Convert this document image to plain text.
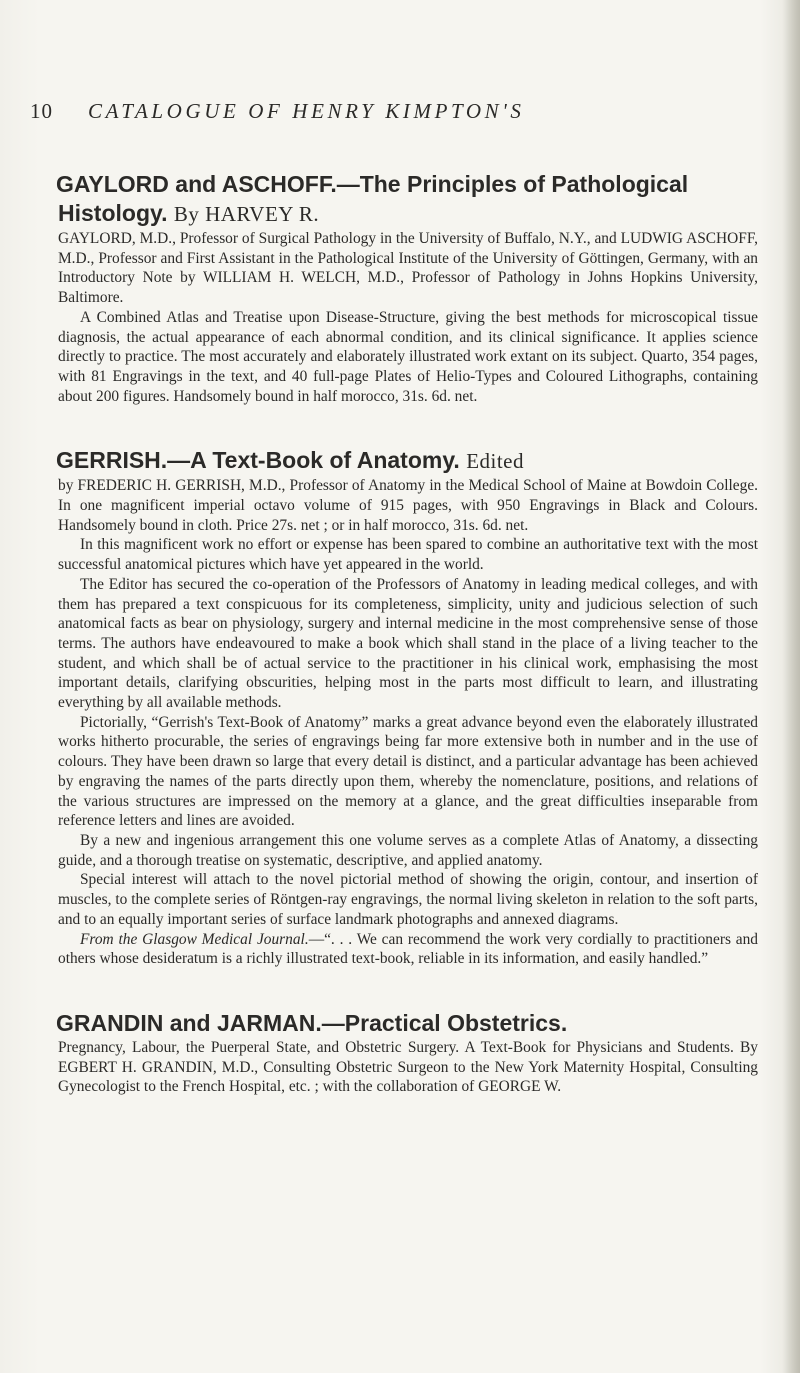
10 CATALOGUE OF HENRY KIMPTON'S

GAYLORD and ASCHOFF.—The Principles of Pathological Histology. By HARVEY R.

GAYLORD, M.D., Professor of Surgical Pathology in the University of Buffalo, N.Y., and LUDWIG ASCHOFF, M.D., Professor and First Assistant in the Pathological Institute of the University of Göttingen, Germany, with an Introductory Note by WILLIAM H. WELCH, M.D., Professor of Pathology in Johns Hopkins University, Baltimore.

A Combined Atlas and Treatise upon Disease-Structure, giving the best methods for microscopical tissue diagnosis, the actual appearance of each abnormal condition, and its clinical significance. It applies science directly to practice. The most accurately and elaborately illustrated work extant on its subject. Quarto, 354 pages, with 81 Engravings in the text, and 40 full-page Plates of Helio-Types and Coloured Lithographs, containing about 200 figures. Handsomely bound in half morocco, 31s. 6d. net.

GERRISH.—A Text-Book of Anatomy. Edited

by FREDERIC H. GERRISH, M.D., Professor of Anatomy in the Medical School of Maine at Bowdoin College. In one magnificent imperial octavo volume of 915 pages, with 950 Engravings in Black and Colours. Handsomely bound in cloth. Price 27s. net ; or in half morocco, 31s. 6d. net.

In this magnificent work no effort or expense has been spared to combine an authoritative text with the most successful anatomical pictures which have yet appeared in the world.

The Editor has secured the co-operation of the Professors of Anatomy in leading medical colleges, and with them has prepared a text conspicuous for its completeness, simplicity, unity and judicious selection of such anatomical facts as bear on physiology, surgery and internal medicine in the most comprehensive sense of those terms. The authors have endeavoured to make a book which shall stand in the place of a living teacher to the student, and which shall be of actual service to the practitioner in his clinical work, emphasising the most important details, clarifying obscurities, helping most in the parts most difficult to learn, and illustrating everything by all available methods.

Pictorially, “Gerrish's Text-Book of Anatomy” marks a great advance beyond even the elaborately illustrated works hitherto procurable, the series of engravings being far more extensive both in number and in the use of colours. They have been drawn so large that every detail is distinct, and a particular advantage has been achieved by engraving the names of the parts directly upon them, whereby the nomenclature, positions, and relations of the various structures are impressed on the memory at a glance, and the great difficulties inseparable from reference letters and lines are avoided.

By a new and ingenious arrangement this one volume serves as a complete Atlas of Anatomy, a dissecting guide, and a thorough treatise on systematic, descriptive, and applied anatomy.

Special interest will attach to the novel pictorial method of showing the origin, contour, and insertion of muscles, to the complete series of Röntgen-ray engravings, the normal living skeleton in relation to the soft parts, and to an equally important series of surface landmark photographs and annexed diagrams.

From the Glasgow Medical Journal.—“. . . We can recommend the work very cordially to practitioners and others whose desideratum is a richly illustrated text-book, reliable in its information, and easily handled.”

GRANDIN and JARMAN.—Practical Obstetrics.

Pregnancy, Labour, the Puerperal State, and Obstetric Surgery. A Text-Book for Physicians and Students. By EGBERT H. GRANDIN, M.D., Consulting Obstetric Surgeon to the New York Maternity Hospital, Consulting Gynecologist to the French Hospital, etc. ; with the collaboration of GEORGE W.
